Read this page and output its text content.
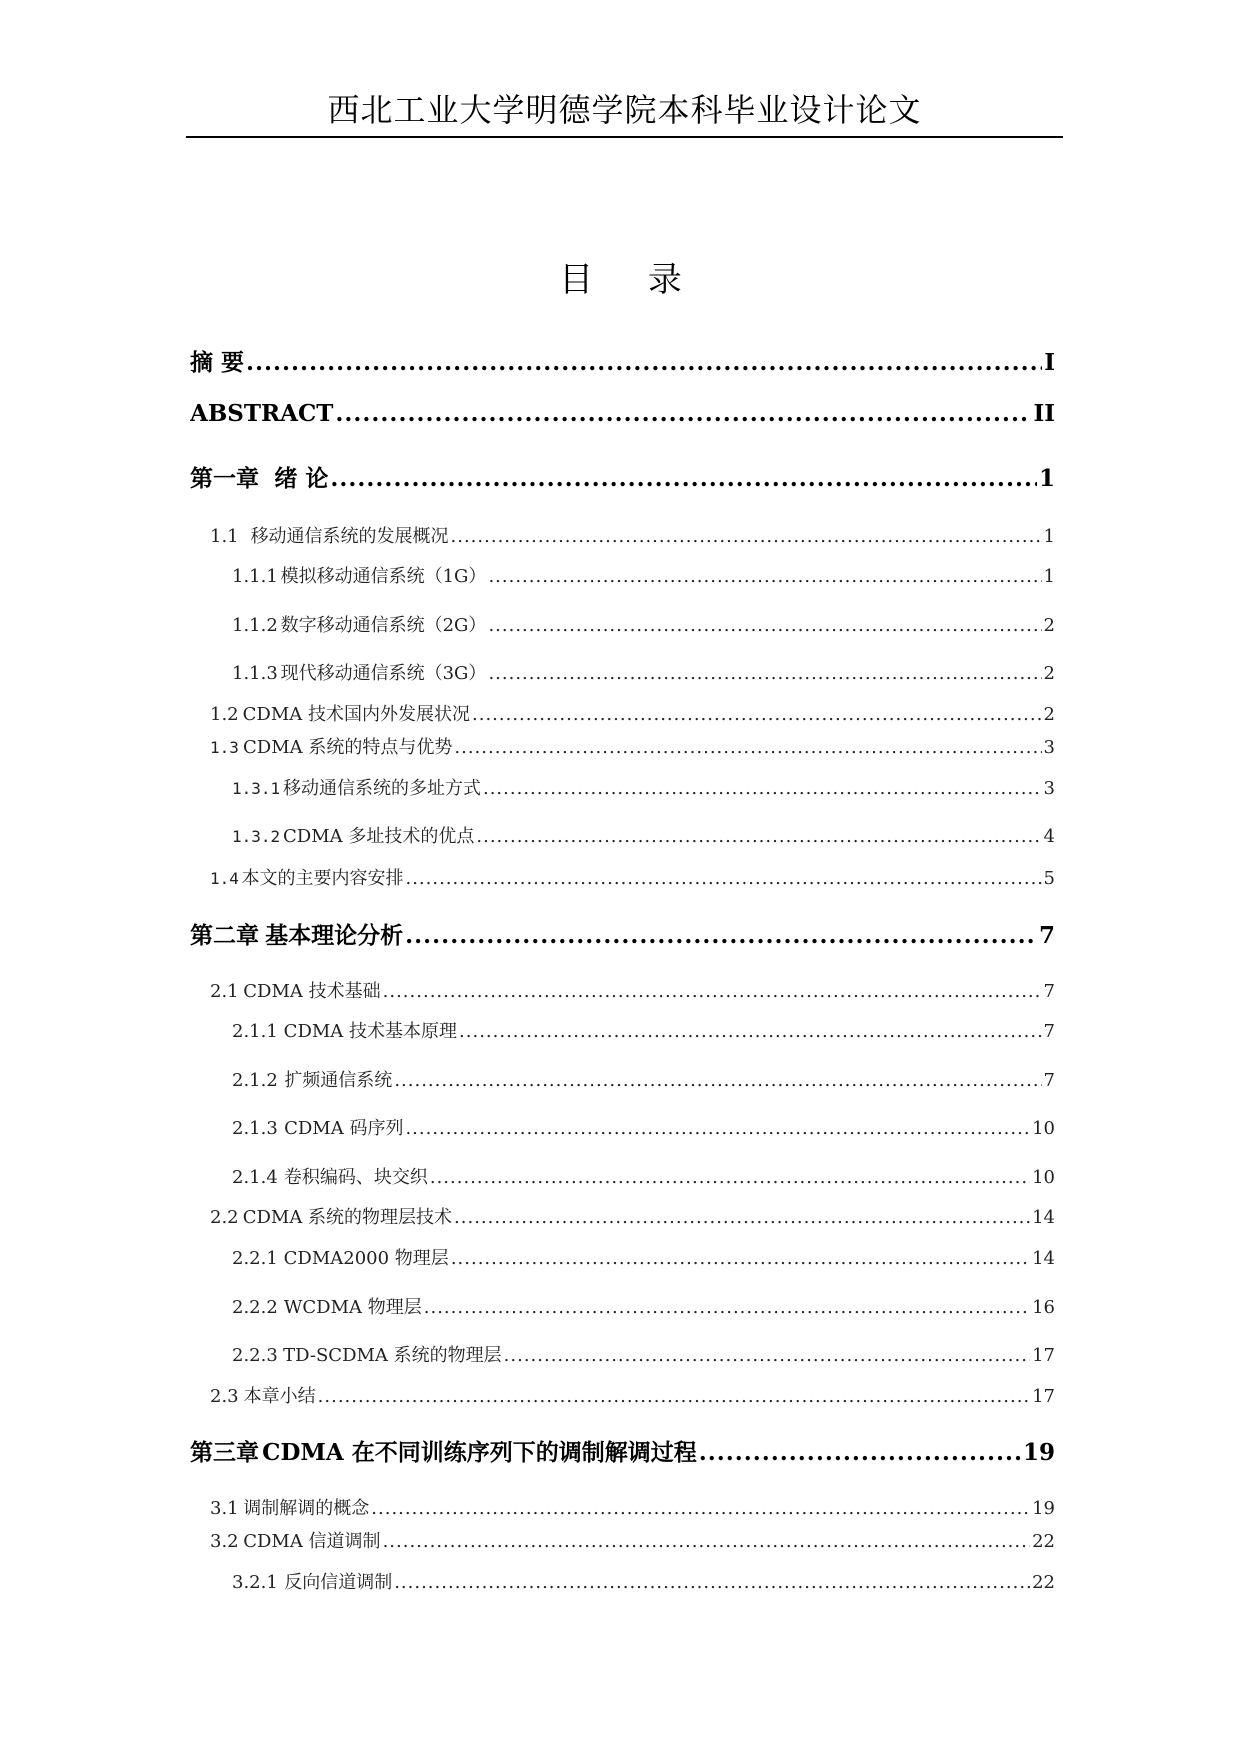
西北工业大学明德学院本科毕业设计论文
目 录
摘 要 .....	I
ABSTRACT .....	II
第一章 绪 论 .....	1
1.1 移动通信系统的发展概况 .....	1
1.1.1 模拟移动通信系统（1G） .....	1
1.1.2 数字移动通信系统（2G） .....	2
1.1.3 现代移动通信系统（3G） .....	2
1.2 CDMA 技术国内外发展状况 .....	2
1.3 CDMA 系统的特点与优势 .....	3
1.3.1 移动通信系统的多址方式 .....	3
1.3.2 CDMA 多址技术的优点 .....	4
1.4 本文的主要内容安排 .....	5
第二章 基本理论分析 .....	7
2.1 CDMA 技术基础 .....	7
2.1.1 CDMA 技术基本原理 .....	7
2.1.2 扩频通信系统 .....	7
2.1.3 CDMA 码序列 .....	10
2.1.4 卷积编码、块交织 .....	10
2.2 CDMA 系统的物理层技术 .....	14
2.2.1 CDMA2000 物理层 .....	14
2.2.2 WCDMA 物理层 .....	16
2.2.3 TD-SCDMA 系统的物理层 .....	17
2.3 本章小结 .....	17
第三章 CDMA 在不同训练序列下的调制解调过程 .....	19
3.1 调制解调的概念 .....	19
3.2 CDMA 信道调制 .....	22
3.2.1 反向信道调制 .....	22
